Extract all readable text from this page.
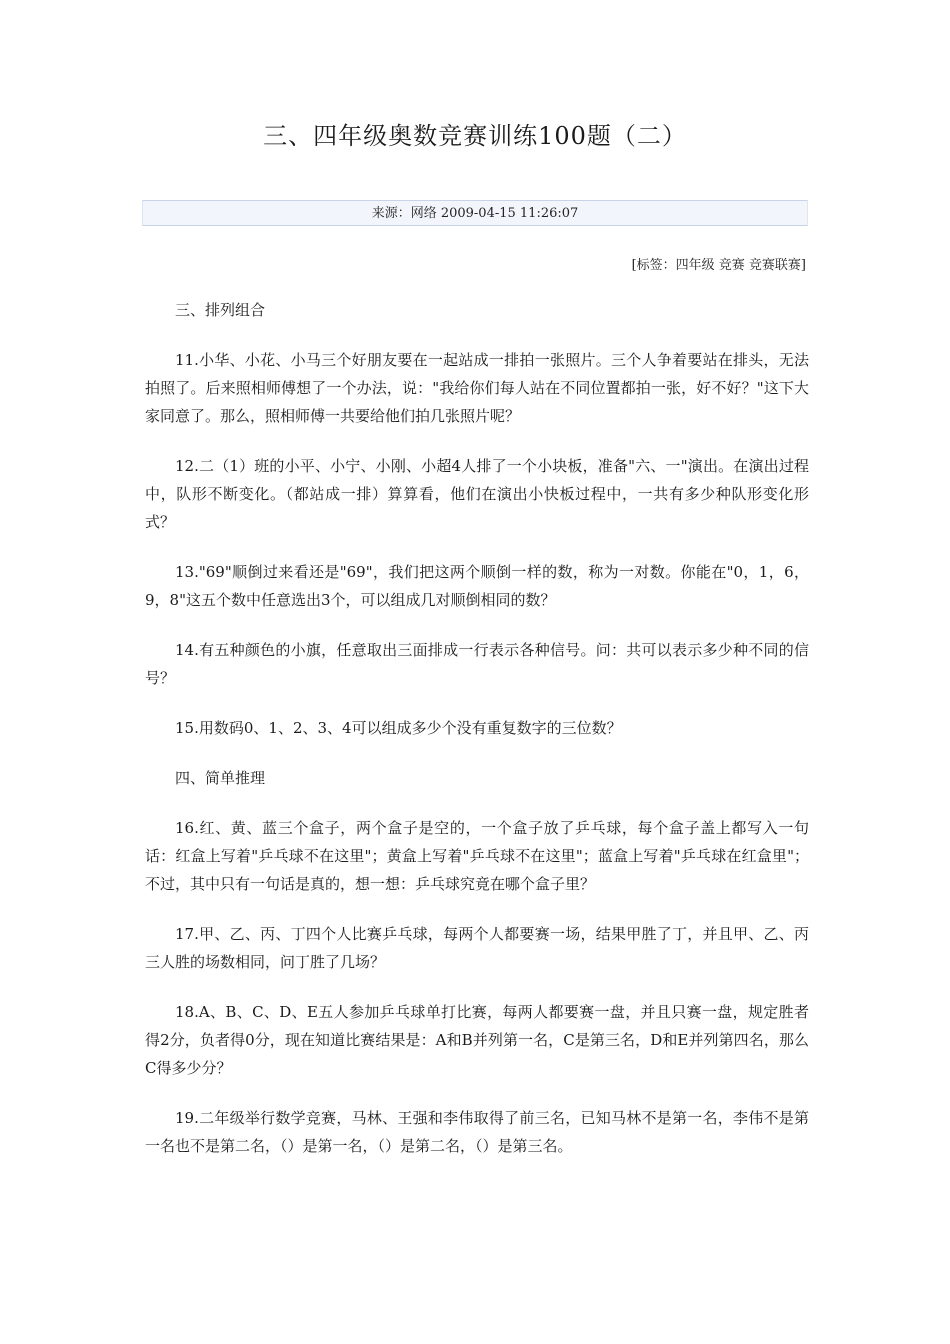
三、四年级奥数竞赛训练100题（二）
来源：网络 2009-04-15 11:26:07
[标签：四年级 竞赛 竞赛联赛]

三、排列组合

11.小华、小花、小马三个好朋友要在一起站成一排拍一张照片。三个人争着要站在排头，无法拍照了。后来照相师傅想了一个办法，说："我给你们每人站在不同位置都拍一张，好不好？"这下大家同意了。那么，照相师傅一共要给他们拍几张照片呢？

12.二（1）班的小平、小宁、小刚、小超4人排了一个小块板，准备"六、一"演出。在演出过程中，队形不断变化。（都站成一排）算算看，他们在演出小快板过程中，一共有多少种队形变化形式？

13."69"顺倒过来看还是"69"，我们把这两个顺倒一样的数，称为一对数。你能在"0，1，6，9，8"这五个数中任意选出3个，可以组成几对顺倒相同的数？

14.有五种颜色的小旗，任意取出三面排成一行表示各种信号。问：共可以表示多少种不同的信号？

15.用数码0、1、2、3、4可以组成多少个没有重复数字的三位数？

四、简单推理

16.红、黄、蓝三个盒子，两个盒子是空的，一个盒子放了乒乓球，每个盒子盖上都写入一句话：红盒上写着"乒乓球不在这里"；黄盒上写着"乒乓球不在这里"；蓝盒上写着"乒乓球在红盒里"；不过，其中只有一句话是真的，想一想：乒乓球究竟在哪个盒子里？

17.甲、乙、丙、丁四个人比赛乒乓球，每两个人都要赛一场，结果甲胜了丁，并且甲、乙、丙三人胜的场数相同，问丁胜了几场？

18.A、B、C、D、E五人参加乒乓球单打比赛，每两人都要赛一盘，并且只赛一盘，规定胜者得2分，负者得0分，现在知道比赛结果是：A和B并列第一名，C是第三名，D和E并列第四名，那么C得多少分？

19.二年级举行数学竞赛，马林、王强和李伟取得了前三名，已知马林不是第一名，李伟不是第一名也不是第二名，（）是第一名，（）是第二名，（）是第三名。
